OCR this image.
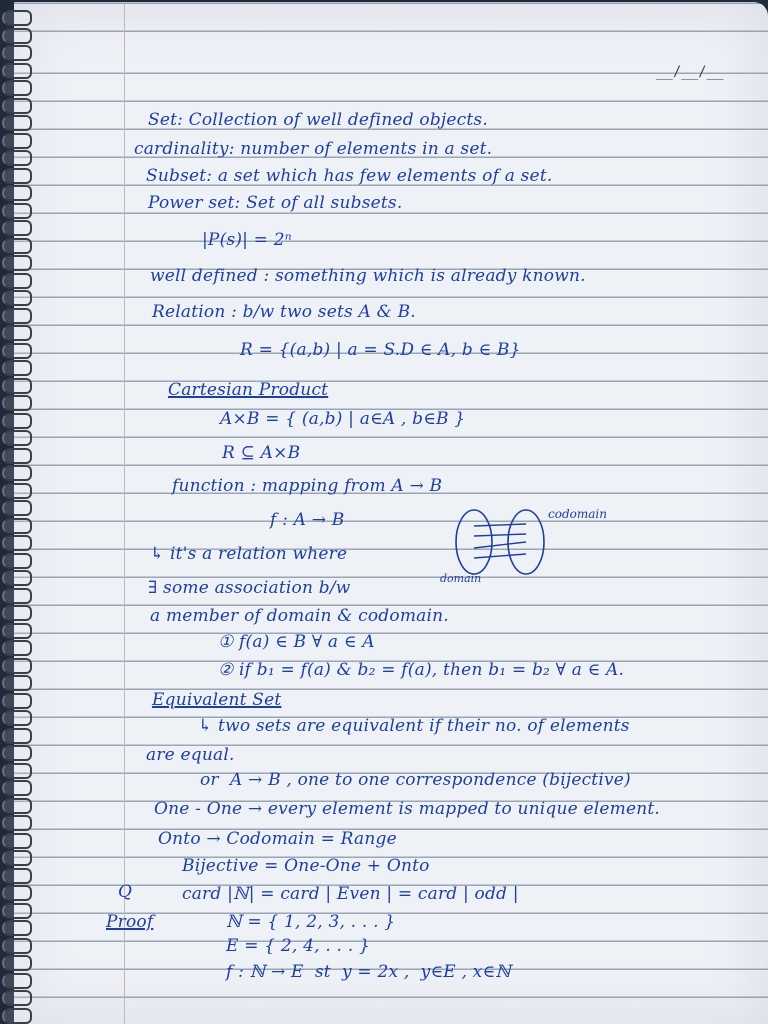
__/__/__
Set: Collection of well defined objects.
cardinality: number of elements in a set.
Subset: a set which has few elements of a set.
Power set: Set of all subsets.
|P(s)| = 2ⁿ
well defined : something which is already known.
Relation : b/w two sets A & B.
R = {(a,b) | a = S.D ∈ A, b ∈ B}
Cartesian Product
A×B = { (a,b) | a∈A , b∈B }
R ⊆ A×B
function : mapping from A → B
f : A → B	codomain
domain
↳ it's a relation where
∃ some association b/w
a member of domain & codomain.
① f(a) ∈ B ∀ a ∈ A
② if b₁ = f(a) & b₂ = f(a), then b₁ = b₂ ∀ a ∈ A.
Equivalent Set
↳ two sets are equivalent if their no. of elements
are equal.
or  A → B , one to one correspondence (bijective)
One - One → every element is mapped to unique element.
Onto → Codomain = Range
Bijective = One-One + Onto
Q	card |ℕ| = card | Even | = card | odd |
Proof	ℕ = { 1, 2, 3, . . . }
E = { 2, 4, . . . }
f : ℕ → E  st  y = 2x ,  y∈E , x∈ℕ
